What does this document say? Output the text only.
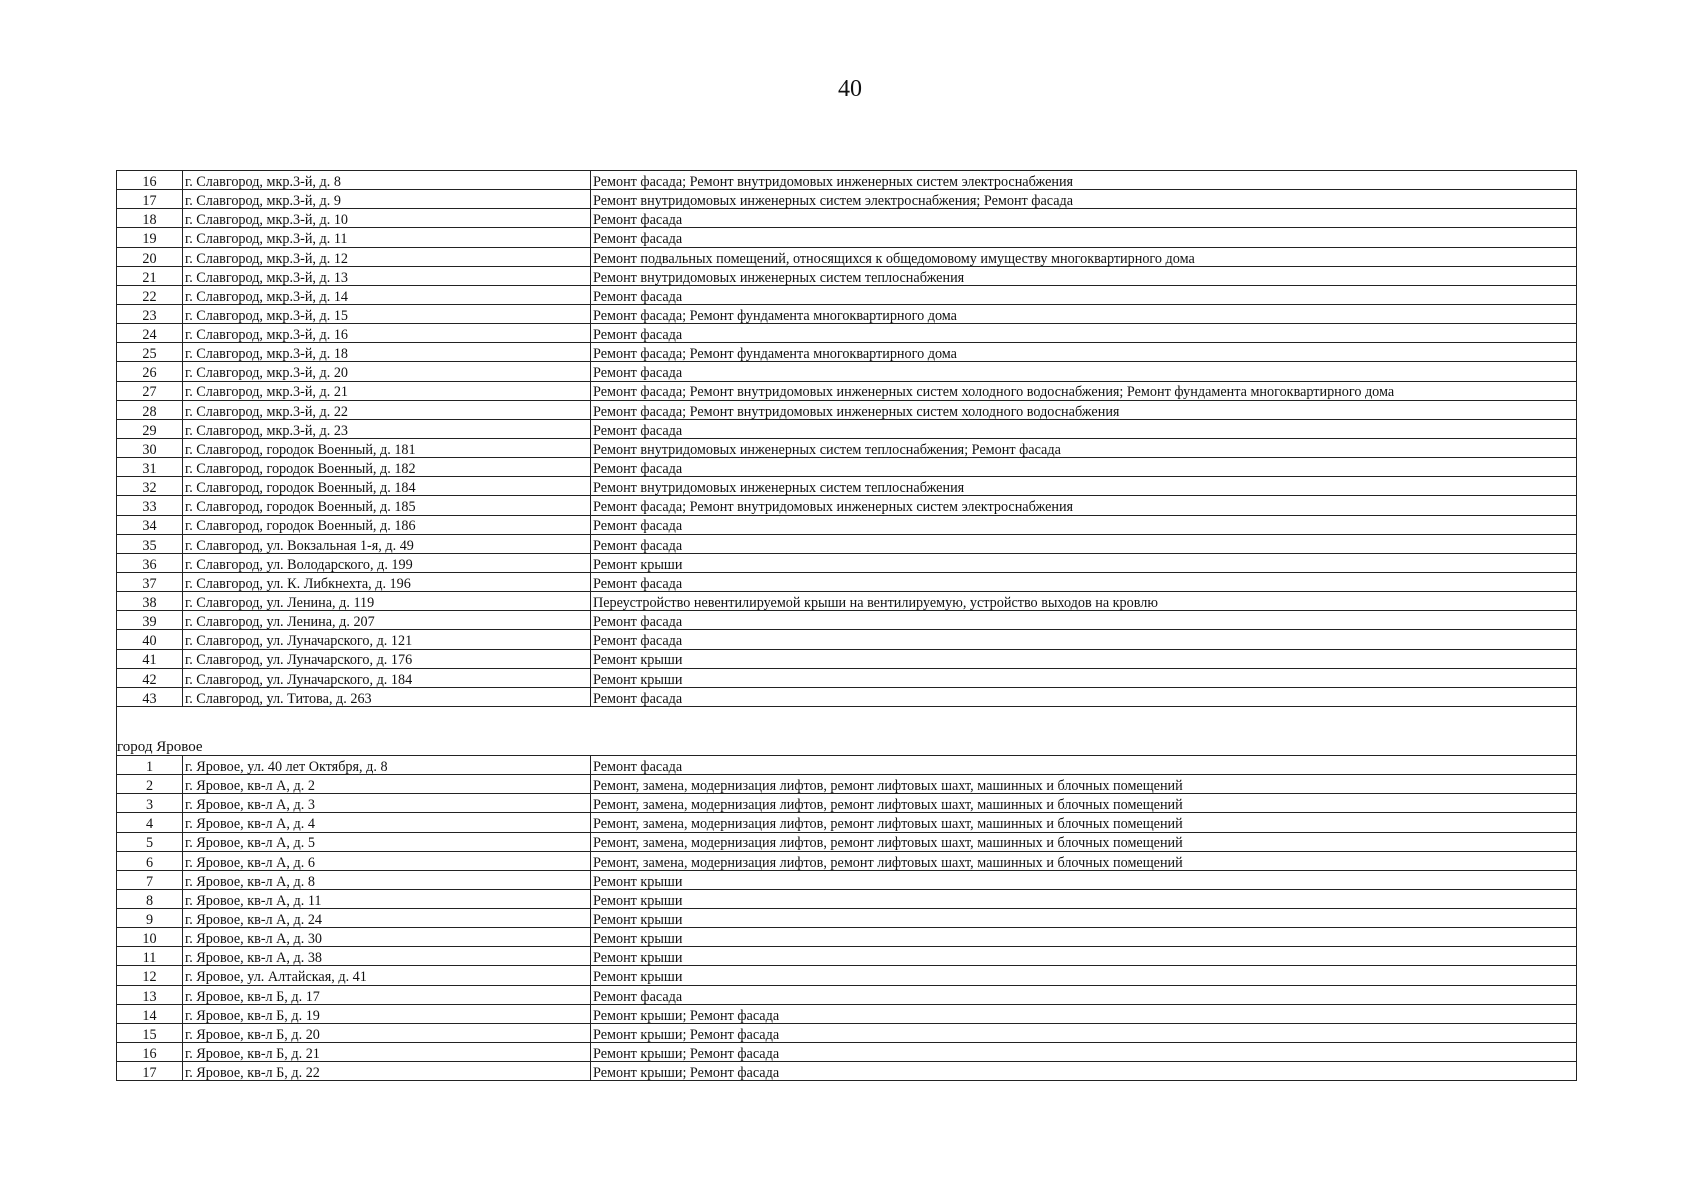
40
16	г. Славгород, мкр.3-й, д. 8	Ремонт фасада; Ремонт внутридомовых инженерных систем электроснабжения
17	г. Славгород, мкр.3-й, д. 9	Ремонт внутридомовых инженерных систем электроснабжения; Ремонт фасада
18	г. Славгород, мкр.3-й, д. 10	Ремонт фасада
19	г. Славгород, мкр.3-й, д. 11	Ремонт фасада
20	г. Славгород, мкр.3-й, д. 12	Ремонт подвальных помещений, относящихся к общедомовому имуществу многоквартирного дома
21	г. Славгород, мкр.3-й, д. 13	Ремонт внутридомовых инженерных систем теплоснабжения
22	г. Славгород, мкр.3-й, д. 14	Ремонт фасада
23	г. Славгород, мкр.3-й, д. 15	Ремонт фасада; Ремонт фундамента многоквартирного дома
24	г. Славгород, мкр.3-й, д. 16	Ремонт фасада
25	г. Славгород, мкр.3-й, д. 18	Ремонт фасада; Ремонт фундамента многоквартирного дома
26	г. Славгород, мкр.3-й, д. 20	Ремонт фасада
27	г. Славгород, мкр.3-й, д. 21	Ремонт фасада; Ремонт внутридомовых инженерных систем холодного водоснабжения; Ремонт фундамента многоквартирного дома
28	г. Славгород, мкр.3-й, д. 22	Ремонт фасада; Ремонт внутридомовых инженерных систем холодного водоснабжения
29	г. Славгород, мкр.3-й, д. 23	Ремонт фасада
30	г. Славгород, городок Военный, д. 181	Ремонт внутридомовых инженерных систем теплоснабжения; Ремонт фасада
31	г. Славгород, городок Военный, д. 182	Ремонт фасада
32	г. Славгород, городок Военный, д. 184	Ремонт внутридомовых инженерных систем теплоснабжения
33	г. Славгород, городок Военный, д. 185	Ремонт фасада; Ремонт внутридомовых инженерных систем электроснабжения
34	г. Славгород, городок Военный, д. 186	Ремонт фасада
35	г. Славгород, ул. Вокзальная 1-я, д. 49	Ремонт фасада
36	г. Славгород, ул. Володарского, д. 199	Ремонт крыши
37	г. Славгород, ул. К. Либкнехта, д. 196	Ремонт фасада
38	г. Славгород, ул. Ленина, д. 119	Переустройство невентилируемой крыши на вентилируемую, устройство выходов на кровлю
39	г. Славгород, ул. Ленина, д. 207	Ремонт фасада
40	г. Славгород, ул. Луначарского, д. 121	Ремонт фасада
41	г. Славгород, ул. Луначарского, д. 176	Ремонт крыши
42	г. Славгород, ул. Луначарского, д. 184	Ремонт крыши
43	г. Славгород, ул. Титова, д. 263	Ремонт фасада

город Яровое		
1	г. Яровое, ул. 40 лет Октября, д. 8	Ремонт фасада
2	г. Яровое, кв-л А, д. 2	Ремонт, замена, модернизация лифтов, ремонт лифтовых шахт, машинных и блочных помещений
3	г. Яровое, кв-л А, д. 3	Ремонт, замена, модернизация лифтов, ремонт лифтовых шахт, машинных и блочных помещений
4	г. Яровое, кв-л А, д. 4	Ремонт, замена, модернизация лифтов, ремонт лифтовых шахт, машинных и блочных помещений
5	г. Яровое, кв-л А, д. 5	Ремонт, замена, модернизация лифтов, ремонт лифтовых шахт, машинных и блочных помещений
6	г. Яровое, кв-л А, д. 6	Ремонт, замена, модернизация лифтов, ремонт лифтовых шахт, машинных и блочных помещений
7	г. Яровое, кв-л А, д. 8	Ремонт крыши
8	г. Яровое, кв-л А, д. 11	Ремонт крыши
9	г. Яровое, кв-л А, д. 24	Ремонт крыши
10	г. Яровое, кв-л А, д. 30	Ремонт крыши
11	г. Яровое, кв-л А, д. 38	Ремонт крыши
12	г. Яровое, ул. Алтайская, д. 41	Ремонт крыши
13	г. Яровое, кв-л Б, д. 17	Ремонт фасада
14	г. Яровое, кв-л Б, д. 19	Ремонт крыши; Ремонт фасада
15	г. Яровое, кв-л Б, д. 20	Ремонт крыши; Ремонт фасада
16	г. Яровое, кв-л Б, д. 21	Ремонт крыши; Ремонт фасада
17	г. Яровое, кв-л Б, д. 22	Ремонт крыши; Ремонт фасада
